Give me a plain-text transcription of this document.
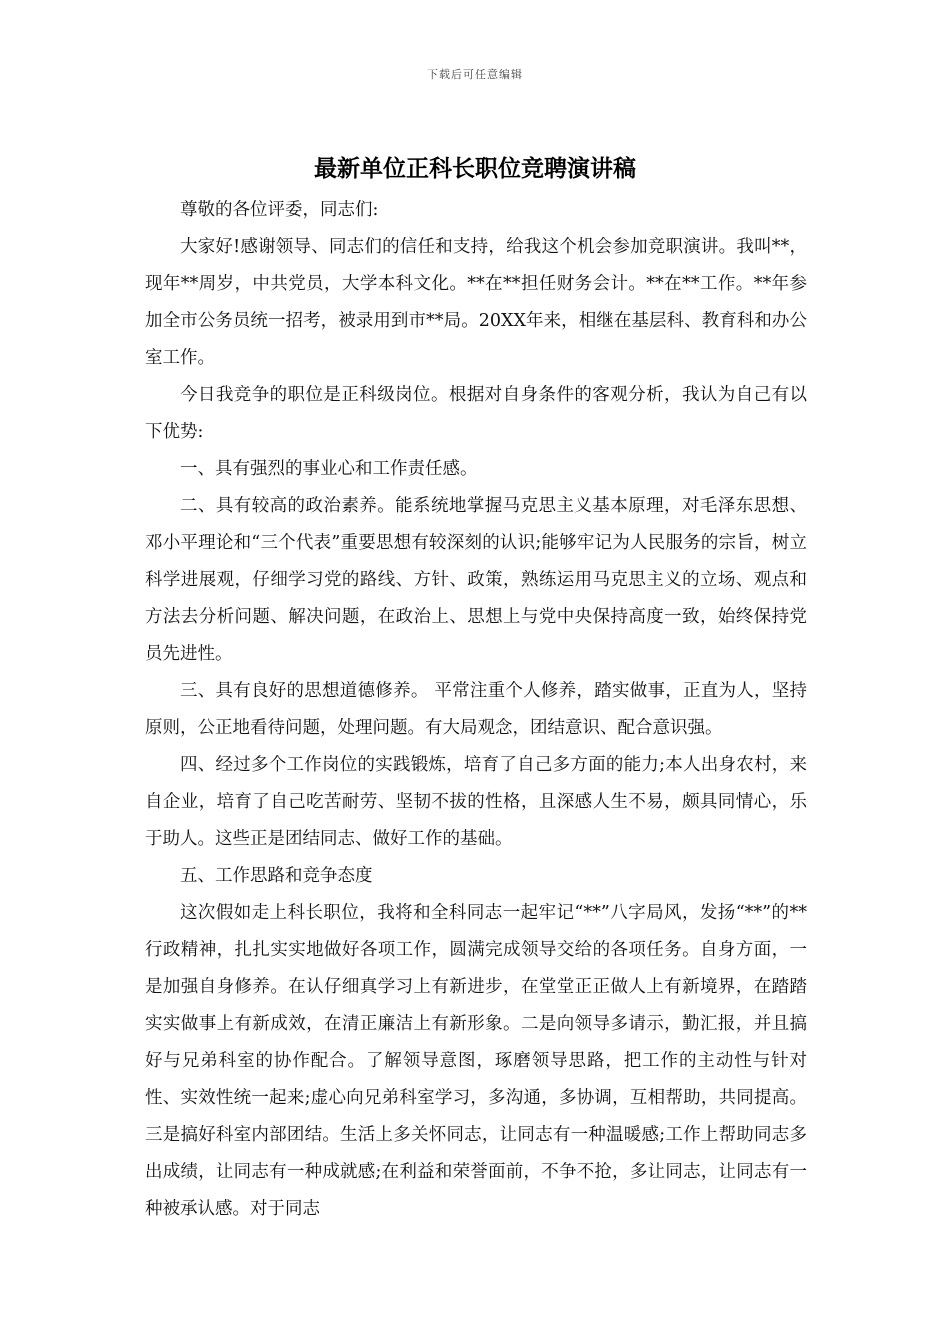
下载后可任意编辑
最新单位正科长职位竞聘演讲稿

尊敬的各位评委，同志们:

大家好!感谢领导、同志们的信任和支持，给我这个机会参加竞职演讲。我叫**，现年**周岁，中共党员，大学本科文化。**在**担任财务会计。**在**工作。**年参加全市公务员统一招考，被录用到市**局。20XX年来，相继在基层科、教育科和办公室工作。

今日我竞争的职位是正科级岗位。根据对自身条件的客观分析，我认为自己有以下优势:

一、具有强烈的事业心和工作责任感。

二、具有较高的政治素养。能系统地掌握马克思主义基本原理，对毛泽东思想、邓小平理论和“三个代表”重要思想有较深刻的认识;能够牢记为人民服务的宗旨，树立科学进展观，仔细学习党的路线、方针、政策，熟练运用马克思主义的立场、观点和方法去分析问题、解决问题，在政治上、思想上与党中央保持高度一致，始终保持党员先进性。

三、具有良好的思想道德修养。 平常注重个人修养，踏实做事，正直为人，坚持原则，公正地看待问题，处理问题。有大局观念，团结意识、配合意识强。

四、经过多个工作岗位的实践锻炼，培育了自己多方面的能力;本人出身农村，来自企业，培育了自己吃苦耐劳、坚韧不拔的性格，且深感人生不易，颇具同情心，乐于助人。这些正是团结同志、做好工作的基础。

五、工作思路和竞争态度

这次假如走上科长职位，我将和全科同志一起牢记“**”八字局风，发扬“**”的**行政精神，扎扎实实地做好各项工作，圆满完成领导交给的各项任务。自身方面，一是加强自身修养。在认仔细真学习上有新进步，在堂堂正正做人上有新境界，在踏踏实实做事上有新成效，在清正廉洁上有新形象。二是向领导多请示，勤汇报，并且搞好与兄弟科室的协作配合。了解领导意图，琢磨领导思路，把工作的主动性与针对性、实效性统一起来;虚心向兄弟科室学习，多沟通，多协调，互相帮助，共同提高。三是搞好科室内部团结。生活上多关怀同志，让同志有一种温暖感;工作上帮助同志多出成绩，让同志有一种成就感;在利益和荣誉面前，不争不抢，多让同志，让同志有一种被承认感。对于同志
